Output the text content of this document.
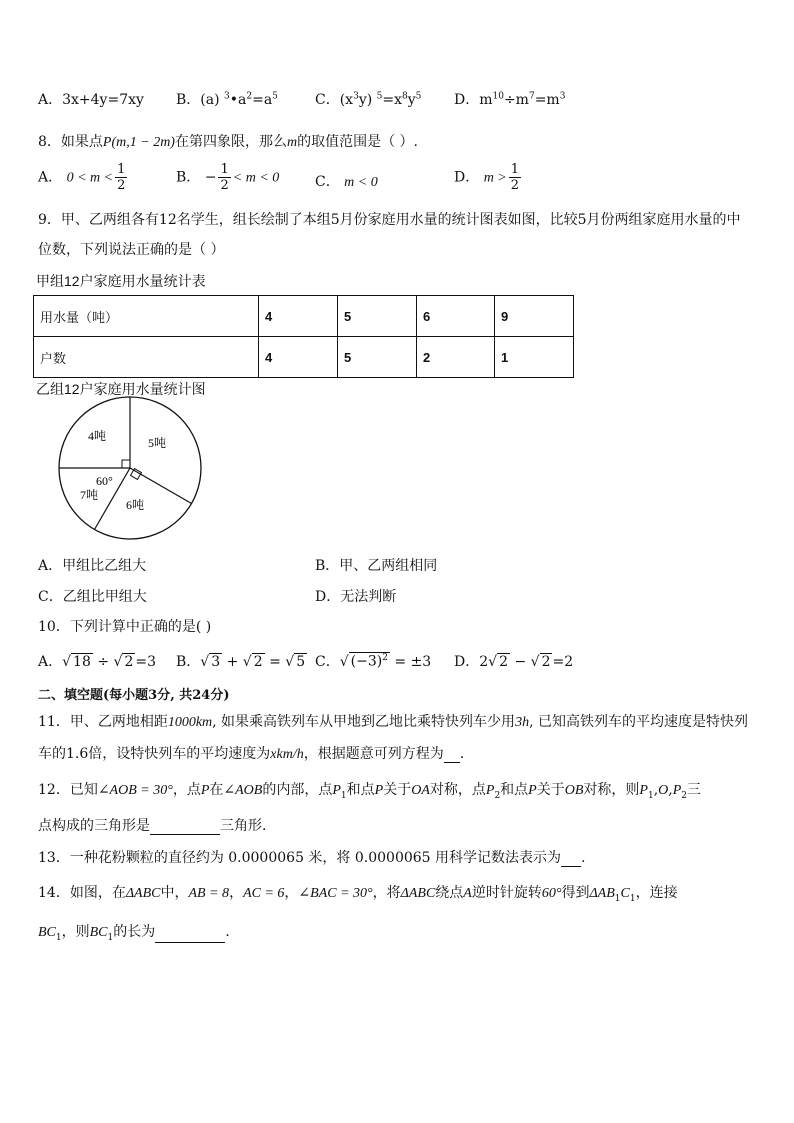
A．3x+4y=7xy B．(a) $^3•a^2=a^5$	C．$(x^3y)$ $^5=x^8y^5$ D．$m^{10}\div m^7=m^3$
8．如果点P(m,1 − 2m)在第四象限，那么m的取值范围是（ ）.
A． $0 < m < \frac{1}{2}$	B． − $\frac{1}{2} < m < 0$	C． m < 0	D． $m > \frac{1}{2}$
9．甲、乙两组各有12名学生，组长绘制了本组5月份家庭用水量的统计图表如图，比较5月份两组家庭用水量的中
位数，下列说法正确的是（ ）
甲组12户家庭用水量统计表
用水量（吨）	4	5	6	9
户数	4	5	2	1
乙组12户家庭用水量统计图
4吨	5吨
6吨
7吨
60°
A．甲组比乙组大	B．甲、乙两组相同
C．乙组比甲组大	D．无法判断
10．下列计算中正确的是( )
A．√ 18 ÷ √ 2 =3 B．√ 3 + √ 2 = √ 5 C．√ $(-3)^2 = \pm 3$ D．2√ 2 − √ 2 =2
二、填空题(每小题3分, 共24分)
11．甲、乙两地相距1000km, 如果乘高铁列车从甲地到乙地比乘特快列车少用3h, 已知高铁列车的平均速度是特快列
车的1.6倍，设特快列车的平均速度为xkm/h，根据题意可列方程为 .
12．已知∠AOB = 30°，点P在∠AOB的内部，点$P_1$和点P关于OA对称，点$P_2$和点P关于OB对称，则$P_1,O,P_2$三
点构成的三角形是	三角形.
13．一种花粉颗粒的直径约为 0.0000065 米，将 0.0000065 用科学记数法表示为 .
14．如图，在ΔABC中，AB = 8，AC = 6，∠BAC = 30°，将ΔABC绕点A逆时针旋转60°得到$\Delta AB_1C_1$，连接
$BC_1$，则$BC_1$的长为	.
